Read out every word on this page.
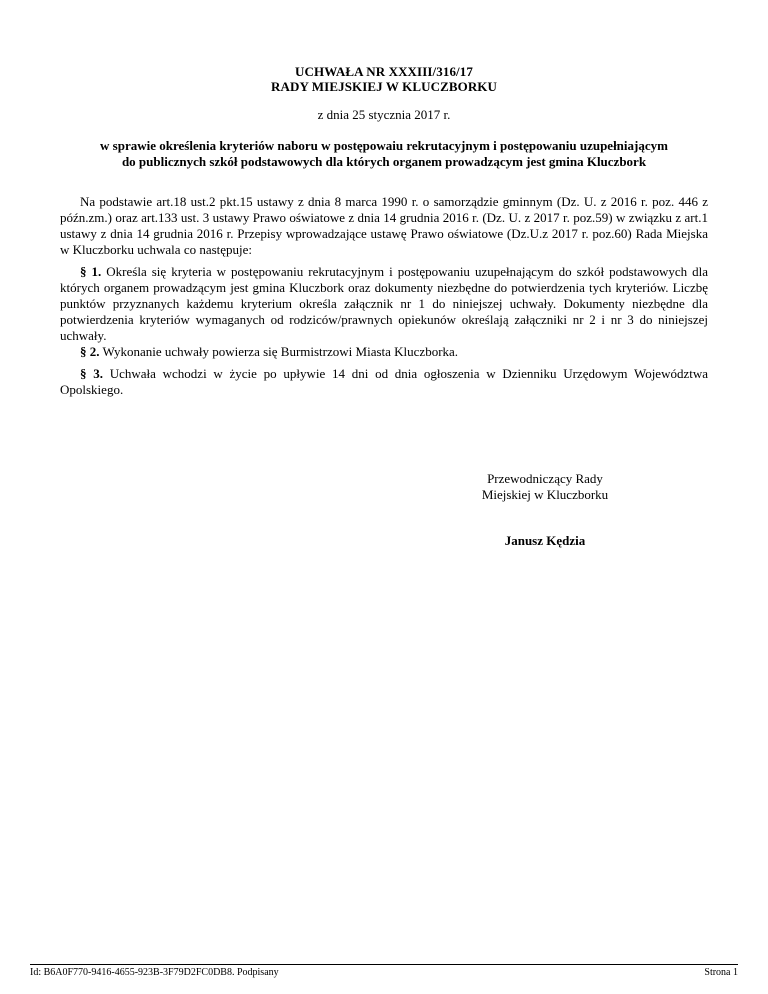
UCHWAŁA NR XXXIII/316/17
RADY MIEJSKIEJ W KLUCZBORKU
z dnia 25 stycznia 2017 r.
w sprawie określenia kryteriów naboru w postępowaiu rekrutacyjnym i postępowaniu uzupełniającym
do publicznych szkół podstawowych dla których organem prowadzącym jest gmina Kluczbork
Na podstawie art.18 ust.2 pkt.15 ustawy z dnia 8 marca 1990 r. o samorządzie gminnym (Dz. U. z 2016 r. poz. 446 z późn.zm.) oraz art.133 ust. 3 ustawy Prawo oświatowe z dnia 14 grudnia 2016 r. (Dz. U. z 2017 r. poz.59) w związku z art.1 ustawy z dnia 14 grudnia 2016 r. Przepisy wprowadzające ustawę Prawo oświatowe (Dz.U.z 2017 r. poz.60) Rada Miejska w Kluczborku uchwala co następuje:
§ 1. Określa się kryteria w postępowaniu rekrutacyjnym i postępowaniu uzupełnającym do szkół podstawowych dla których organem prowadzącym jest gmina Kluczbork oraz dokumenty niezbędne do potwierdzenia tych kryteriów. Liczbę punktów przyznanych każdemu kryterium określa załącznik nr 1 do niniejszej uchwały. Dokumenty niezbędne dla potwierdzenia kryteriów wymaganych od rodziców/prawnych opiekunów określają załączniki nr 2 i nr 3 do niniejszej uchwały.
§ 2. Wykonanie uchwały powierza się Burmistrzowi Miasta Kluczborka.
§ 3. Uchwała wchodzi w życie po upływie 14 dni od dnia ogłoszenia w Dzienniku Urzędowym Województwa Opolskiego.
Przewodniczący Rady
Miejskiej w Kluczborku
Janusz Kędzia
Id: B6A0F770-9416-4655-923B-3F79D2FC0DB8. Podpisany	Strona 1
